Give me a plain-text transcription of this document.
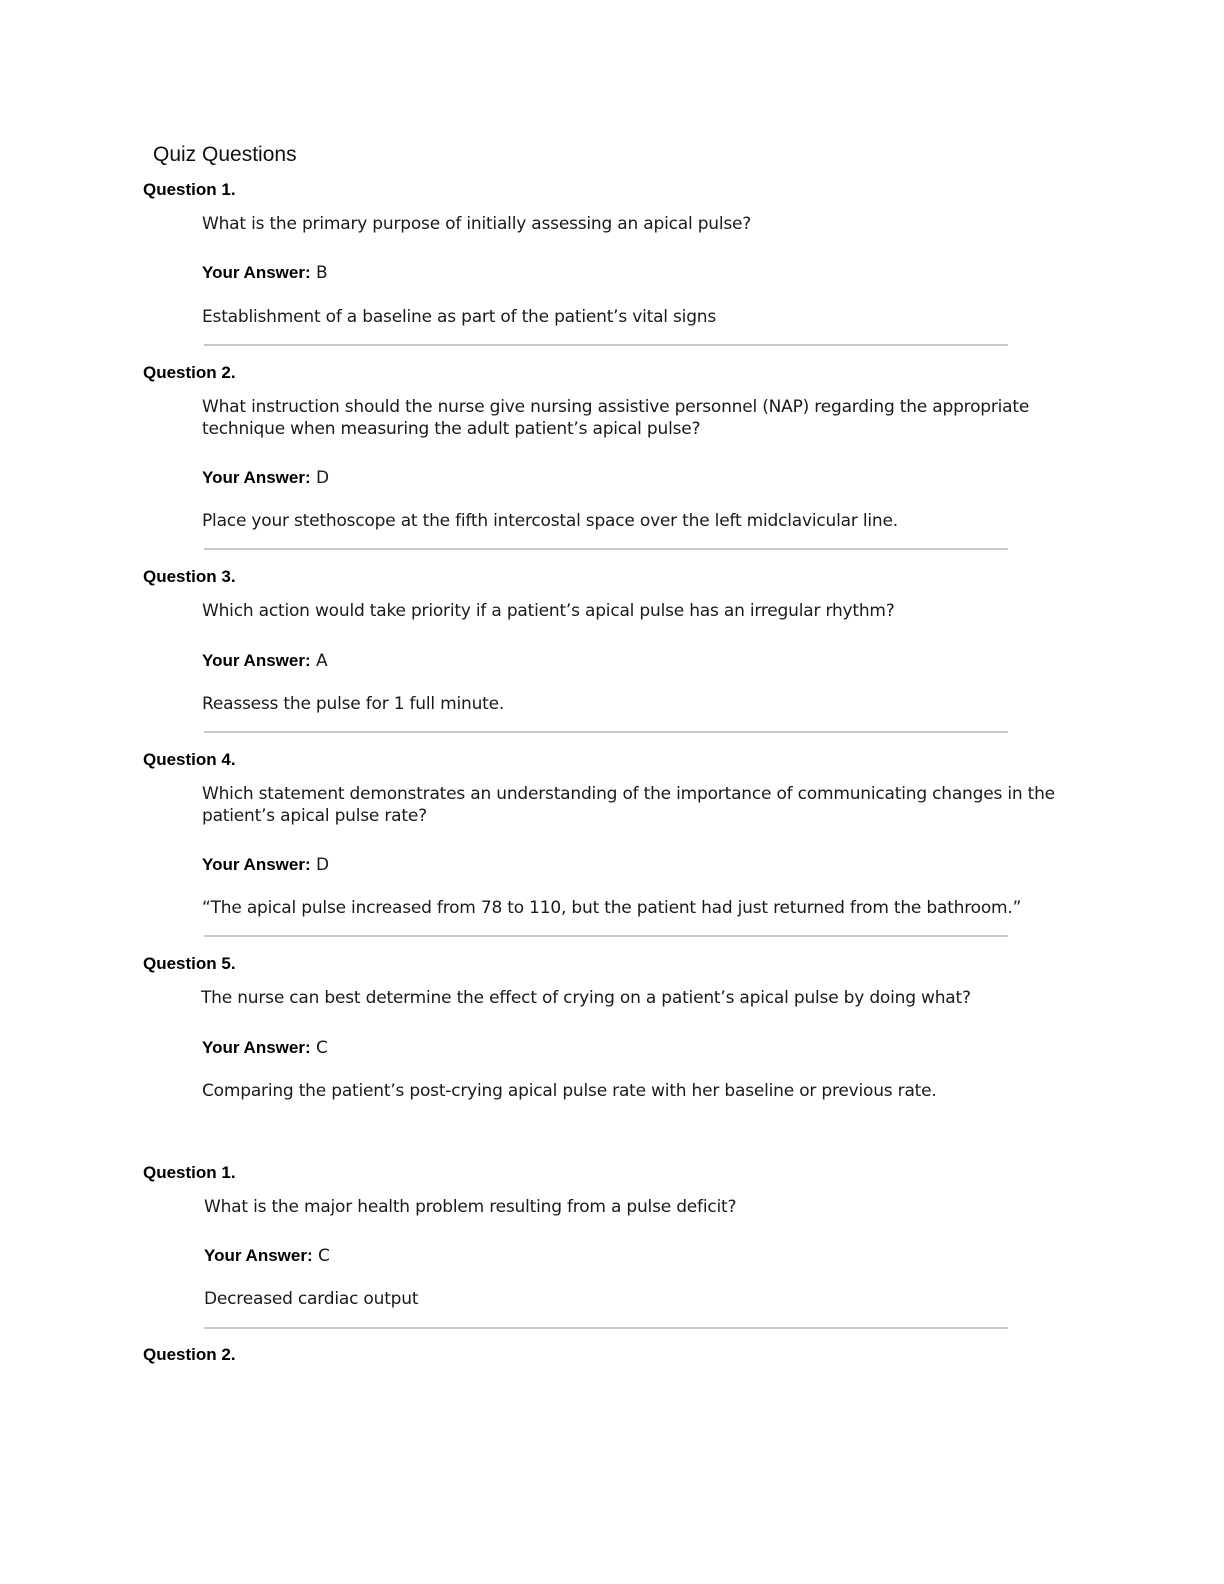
Quiz Questions
Question 1.
What is the primary purpose of initially assessing an apical pulse?
Your Answer: B
Establishment of a baseline as part of the patient’s vital signs
Question 2.
What instruction should the nurse give nursing assistive personnel (NAP) regarding the appropriate technique when measuring the adult patient’s apical pulse?
Your Answer: D
Place your stethoscope at the fifth intercostal space over the left midclavicular line.
Question 3.
Which action would take priority if a patient’s apical pulse has an irregular rhythm?
Your Answer: A
Reassess the pulse for 1 full minute.
Question 4.
Which statement demonstrates an understanding of the importance of communicating changes in the patient’s apical pulse rate?
Your Answer: D
“The apical pulse increased from 78 to 110, but the patient had just returned from the bathroom.”
Question 5.
The nurse can best determine the effect of crying on a patient’s apical pulse by doing what?
Your Answer: C
Comparing the patient’s post-crying apical pulse rate with her baseline or previous rate.
Question 1.
What is the major health problem resulting from a pulse deficit?
Your Answer: C
Decreased cardiac output
Question 2.
